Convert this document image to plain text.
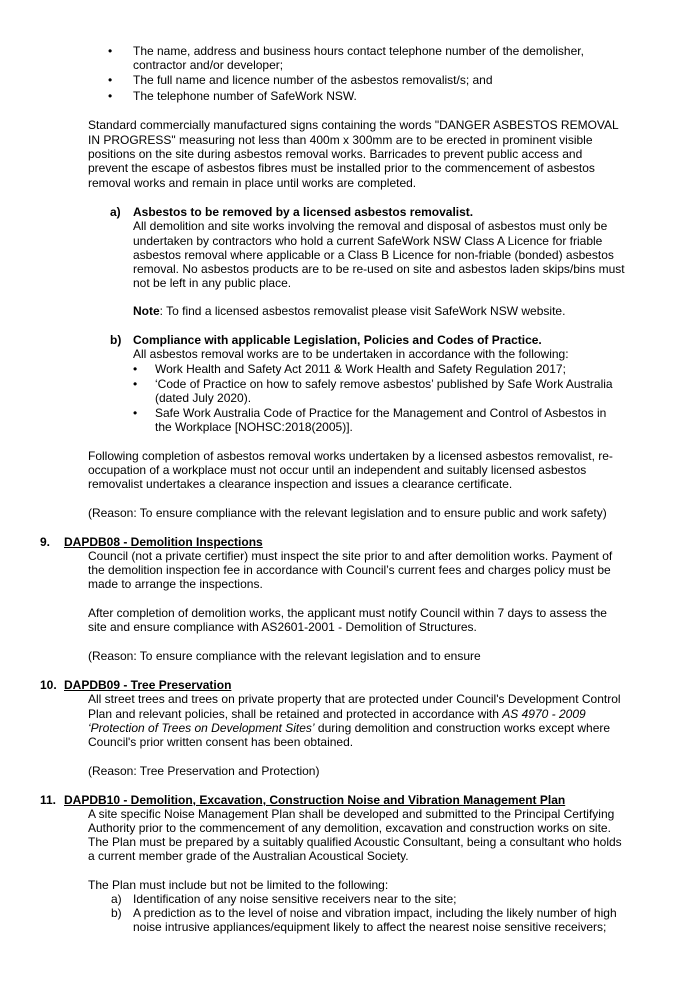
• The name, address and business hours contact telephone number of the demolisher,
contractor and/or developer;
• The full name and licence number of the asbestos removalist/s; and
• The telephone number of SafeWork NSW.
Standard commercially manufactured signs containing the words "DANGER ASBESTOS REMOVAL
IN PROGRESS" measuring not less than 400m x 300mm are to be erected in prominent visible
positions on the site during asbestos removal works. Barricades to prevent public access and
prevent the escape of asbestos fibres must be installed prior to the commencement of asbestos
removal works and remain in place until works are completed.
a) Asbestos to be removed by a licensed asbestos removalist.
All demolition and site works involving the removal and disposal of asbestos must only be
undertaken by contractors who hold a current SafeWork NSW Class A Licence for friable
asbestos removal where applicable or a Class B Licence for non-friable (bonded) asbestos
removal. No asbestos products are to be re-used on site and asbestos laden skips/bins must
not be left in any public place.
Note: To find a licensed asbestos removalist please visit SafeWork NSW website.
b) Compliance with applicable Legislation, Policies and Codes of Practice.
All asbestos removal works are to be undertaken in accordance with the following:
• Work Health and Safety Act 2011 & Work Health and Safety Regulation 2017;
• ‘Code of Practice on how to safely remove asbestos’ published by Safe Work Australia
(dated July 2020).
• Safe Work Australia Code of Practice for the Management and Control of Asbestos in
the Workplace [NOHSC:2018(2005)].
Following completion of asbestos removal works undertaken by a licensed asbestos removalist, re-
occupation of a workplace must not occur until an independent and suitably licensed asbestos
removalist undertakes a clearance inspection and issues a clearance certificate.
(Reason: To ensure compliance with the relevant legislation and to ensure public and work safety)
9. DAPDB08 - Demolition Inspections
Council (not a private certifier) must inspect the site prior to and after demolition works. Payment of
the demolition inspection fee in accordance with Council’s current fees and charges policy must be
made to arrange the inspections.
After completion of demolition works, the applicant must notify Council within 7 days to assess the
site and ensure compliance with AS2601-2001 - Demolition of Structures.
(Reason: To ensure compliance with the relevant legislation and to ensure
10. DAPDB09 - Tree Preservation
All street trees and trees on private property that are protected under Council's Development Control
Plan and relevant policies, shall be retained and protected in accordance with AS 4970 - 2009
‘Protection of Trees on Development Sites’ during demolition and construction works except where
Council's prior written consent has been obtained.
(Reason: Tree Preservation and Protection)
11. DAPDB10 - Demolition, Excavation, Construction Noise and Vibration Management Plan
A site specific Noise Management Plan shall be developed and submitted to the Principal Certifying
Authority prior to the commencement of any demolition, excavation and construction works on site.
The Plan must be prepared by a suitably qualified Acoustic Consultant, being a consultant who holds
a current member grade of the Australian Acoustical Society.
The Plan must include but not be limited to the following:
a) Identification of any noise sensitive receivers near to the site;
b) A prediction as to the level of noise and vibration impact, including the likely number of high
noise intrusive appliances/equipment likely to affect the nearest noise sensitive receivers;
